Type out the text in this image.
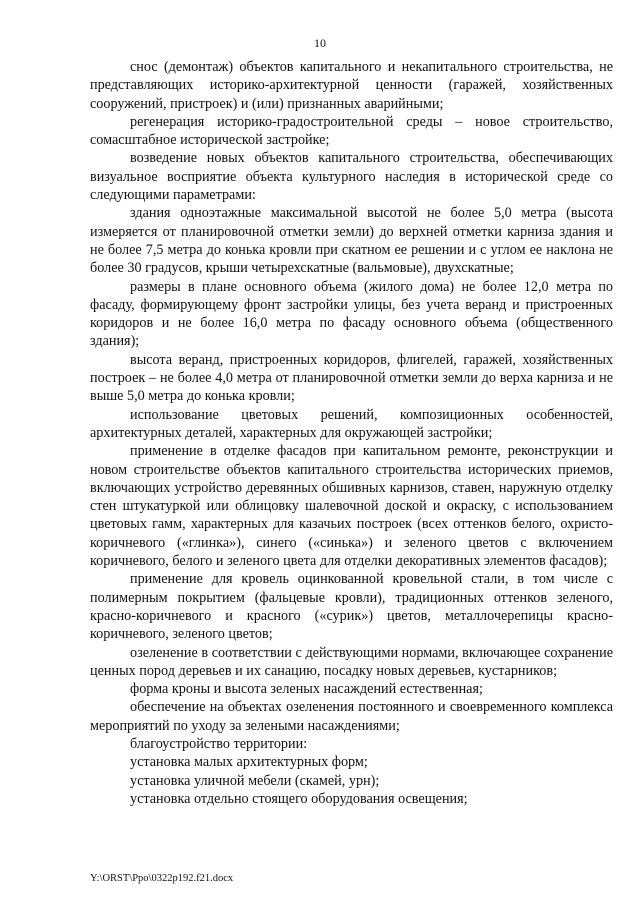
10

снос (демонтаж) объектов капитального и некапитального строительства, не представляющих историко-архитектурной ценности (гаражей, хозяйственных сооружений, пристроек) и (или) признанных аварийными;

регенерация историко-градостроительной среды – новое строительство, сомасштабное исторической застройке;

возведение новых объектов капитального строительства, обеспечивающих визуальное восприятие объекта культурного наследия в исторической среде со следующими параметрами:

здания одноэтажные максимальной высотой не более 5,0 метра (высота измеряется от планировочной отметки земли) до верхней отметки карниза здания и не более 7,5 метра до конька кровли при скатном ее решении и с углом ее наклона не более 30 градусов, крыши четырехскатные (вальмовые), двухскатные;

размеры в плане основного объема (жилого дома) не более 12,0 метра по фасаду, формирующему фронт застройки улицы, без учета веранд и пристроенных коридоров и не более 16,0 метра по фасаду основного объема (общественного здания);

высота веранд, пристроенных коридоров, флигелей, гаражей, хозяйственных построек – не более 4,0 метра от планировочной отметки земли до верха карниза и не выше 5,0 метра до конька кровли;

использование цветовых решений, композиционных особенностей, архитектурных деталей, характерных для окружающей застройки;

применение в отделке фасадов при капитальном ремонте, реконструкции и новом строительстве объектов капитального строительства исторических приемов, включающих устройство деревянных обшивных карнизов, ставен, наружную отделку стен штукатуркой или облицовку шалевочной доской и окраску, с использованием цветовых гамм, характерных для казачьих построек (всех оттенков белого, охристо-коричневого («глинка»), синего («синька») и зеленого цветов с включением коричневого, белого и зеленого цвета для отделки декоративных элементов фасадов);

применение для кровель оцинкованной кровельной стали, в том числе с полимерным покрытием (фальцевые кровли), традиционных оттенков зеленого, красно-коричневого и красного («сурик») цветов, металлочерепицы красно-коричневого, зеленого цветов;

озеленение в соответствии с действующими нормами, включающее сохранение ценных пород деревьев и их санацию, посадку новых деревьев, кустарников;

форма кроны и высота зеленых насаждений естественная;

обеспечение на объектах озеленения постоянного и своевременного комплекса мероприятий по уходу за зелеными насаждениями;

благоустройство территории:

установка малых архитектурных форм;

установка уличной мебели (скамей, урн);

установка отдельно стоящего оборудования освещения;

Y:\ORST\Ppo\0322p192.f21.docx
